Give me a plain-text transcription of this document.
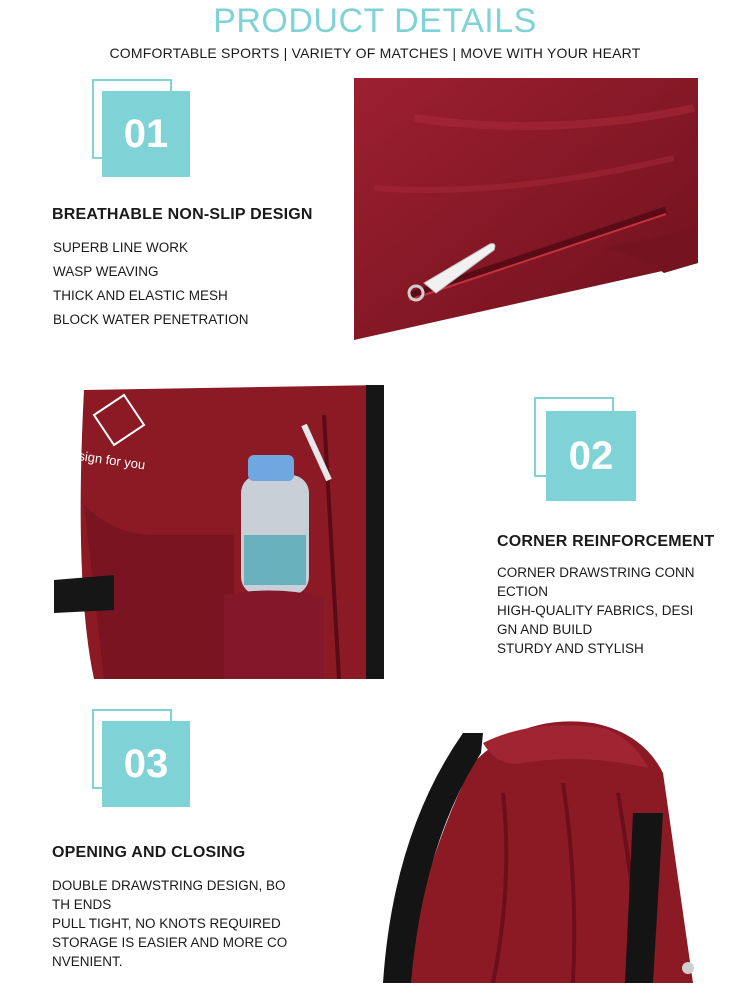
PRODUCT DETAILS
COMFORTABLE SPORTS | VARIETY OF MATCHES | MOVE WITH YOUR HEART
01
BREATHABLE NON-SLIP DESIGN
SUPERB LINE WORK
WASP WEAVING
THICK AND ELASTIC MESH
BLOCK WATER PENETRATION
sign for you	02
CORNER REINFORCEMENT
CORNER DRAWSTRING CONN
ECTION
HIGH-QUALITY FABRICS, DESI
GN AND BUILD
STURDY AND STYLISH
03
OPENING AND CLOSING
DOUBLE DRAWSTRING DESIGN, BO
TH ENDS
PULL TIGHT, NO KNOTS REQUIRED
STORAGE IS EASIER AND MORE CO
NVENIENT.
